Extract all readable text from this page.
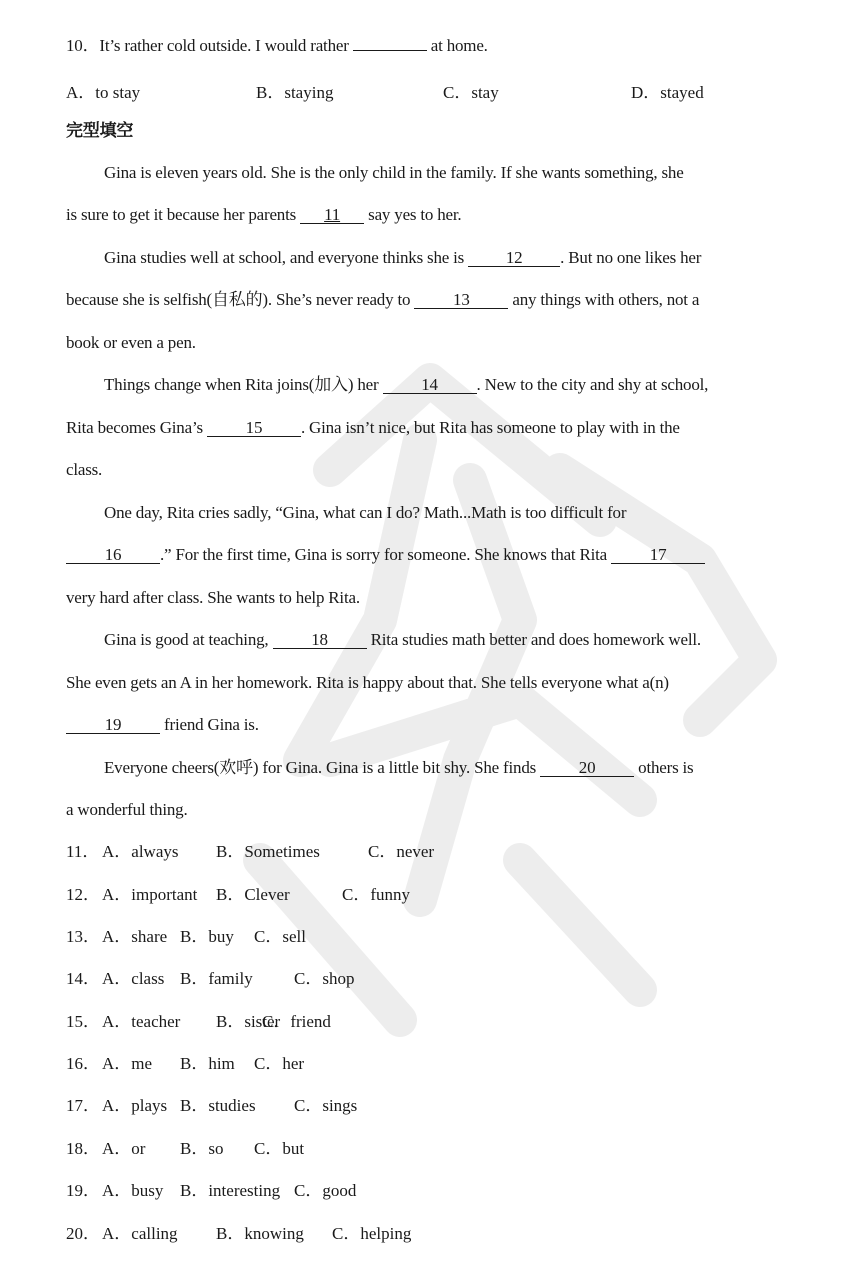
10．It’s rather cold outside. I would rather	at home.
A．to stay	B．staying	C．stay	D．stayed
完型填空
Gina is eleven years old. She is the only child in the family. If she wants something, she
is sure to get it because her parents 11 say yes to her.
Gina studies well at school, and everyone thinks she is 12 . But no one likes her
because she is selfish(自私的). She’s never ready to 13 any things with others, not a
book or even a pen.
Things change when Rita joins(加入) her 14 . New to the city and shy at school,
Rita becomes Gina’s 15 . Gina isn’t nice, but Rita has someone to play with in the
class.
One day, Rita cries sadly, “Gina, what can I do? Math...Math is too difficult for
16 .” For the first time, Gina is sorry for someone. She knows that Rita 17
very hard after class. She wants to help Rita.
Gina is good at teaching, 18 Rita studies math better and does homework well.
She even gets an A in her homework. Rita is happy about that. She tells everyone what a(n)
19 friend Gina is.
Everyone cheers(欢呼) for Gina. Gina is a little bit shy. She finds 20 others is
a wonderful thing.
11． A．always B．Sometimes	C．never
12． A．important B．Clever	C．funny
13． A．share B．buy C．sell
14． A．class B．family C．shop
15． A．teacher B．sister
C．friend
16． A．me B．him C．her
17． A．plays B．studies C．sings
18． A．or B．so C．but
19． A．busy B．interesting C．good
20． A．calling B．knowing C．helping
